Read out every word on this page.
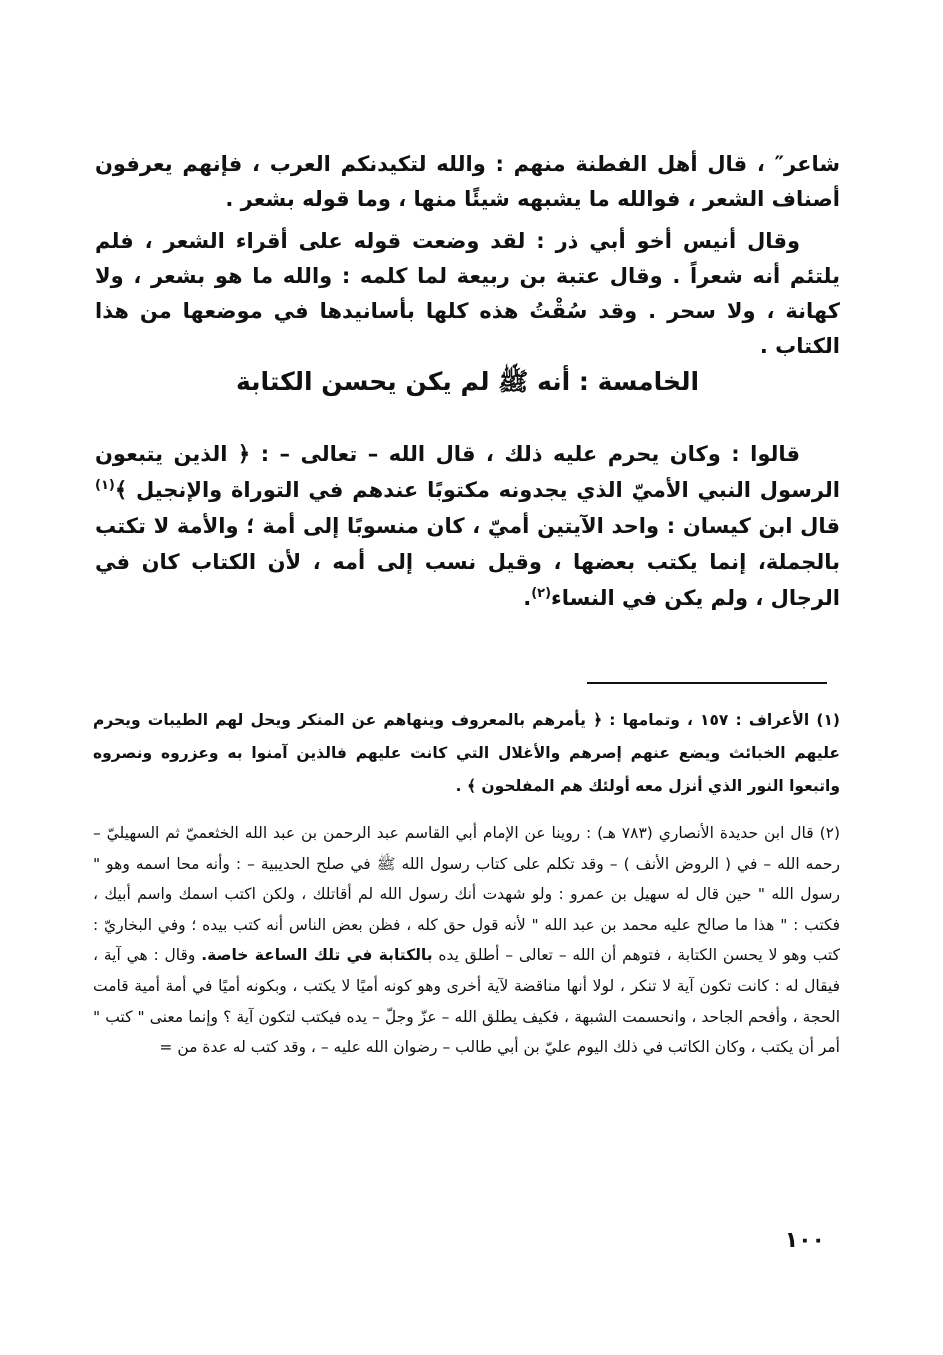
شاعر″ ، قال أهل الفطنة منهم : والله لتكيدنكم العرب ، فإنهم يعرفون أصناف الشعر ، فوالله ما يشبهه شيئًا منها ، وما قوله بشعر .

وقال أنيس أخو أبي ذر : لقد وضعت قوله على أقراء الشعر ، فلم يلتئم أنه شعراً . وقال عتبة بن ربيعة لما كلمه : والله ما هو بشعر ، ولا كهانة ، ولا سحر . وقد سُقْتُ هذه كلها بأسانيدها في موضعها من هذا الكتاب .

الخامسة : أنه ﷺ لم يكن يحسن الكتابة

قالوا : وكان يحرم عليه ذلك ، قال الله – تعالى – : ﴿ الذين يتبعون الرسول النبي الأميّ الذي يجدونه مكتوبًا عندهم في التوراة والإنجيل ﴾$^{(١)}$ قال ابن كيسان : واحد الآيتين أميّ ، كان منسوبًا إلى أمة ؛ والأمة لا تكتب بالجملة، إنما يكتب بعضها ، وقيل نسب إلى أمه ، لأن الكتاب كان في الرجال ، ولم يكن في النساء$^{(٢)}$.

(١) الأعراف : ١٥٧ ، وتمامها : ﴿ يأمرهم بالمعروف وينهاهم عن المنكر ويحل لهم الطيبات ويحرم عليهم الخبائث ويضع عنهم إصرهم والأغلال التي كانت عليهم فالذين آمنوا به وعزروه ونصروه واتبعوا النور الذي أنزل معه أولئك هم المفلحون ﴾ .

(٢) قال ابن حديدة الأنصاري (٧٨٣ هـ) : روينا عن الإمام أبي القاسم عبد الرحمن بن عبد الله الخثعميّ ثم السهيليّ – رحمه الله – في ( الروض الأنف ) – وقد تكلم على كتاب رسول الله ﷺ في صلح الحديبية – : وأنه محا اسمه وهو " رسول الله " حين قال له سهيل بن عمرو : ولو شهدت أنك رسول الله لم أقاتلك ، ولكن اكتب اسمك واسم أبيك ، فكتب : " هذا ما صالح عليه محمد بن عبد الله " لأنه قول حق كله ، فظن بعض الناس أنه كتب بيده ؛ وفي البخاريّ : كتب وهو لا يحسن الكتابة ، فتوهم أن الله – تعالى – أطلق يده بالكتابة في تلك الساعة خاصة. وقال : هي آية ، فيقال له : كانت تكون آية لا تنكر ، لولا أنها مناقضة لآية أخرى وهو كونه أميًا لا يكتب ، وبكونه أميًا في أمة أمية قامت الحجة ، وأفحم الجاحد ، وانحسمت الشبهة ، فكيف يطلق الله – عزّ وجلّ – يده فيكتب لتكون آية ؟ وإنما معنى " كتب " أمر أن يكتب ، وكان الكاتب في ذلك اليوم عليّ بن أبي طالب – رضوان الله عليه – ، وقد كتب له عدة من =

١٠٠
